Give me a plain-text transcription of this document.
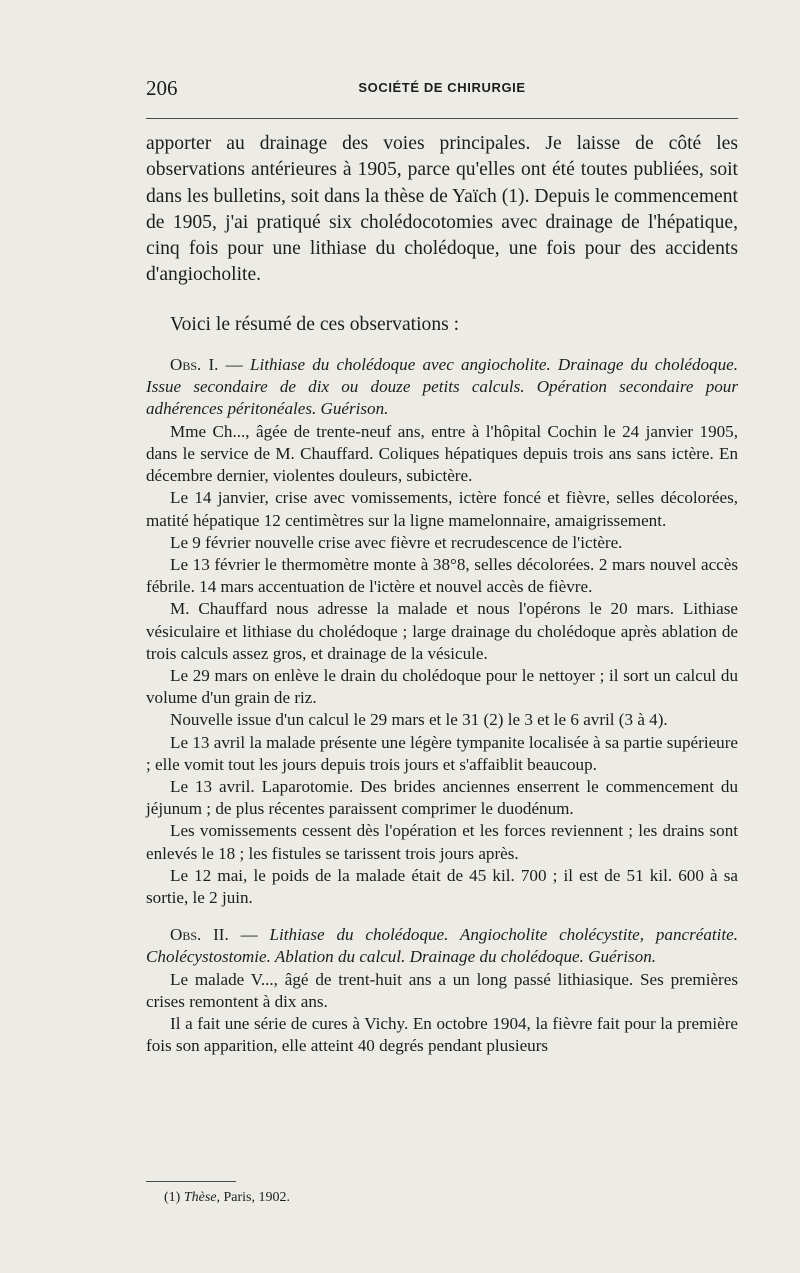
206	SOCIÉTÉ DE CHIRURGIE

apporter au drainage des voies principales. Je laisse de côté les observations antérieures à 1905, parce qu'elles ont été toutes publiées, soit dans les bulletins, soit dans la thèse de Yaïch (1). Depuis le commencement de 1905, j'ai pratiqué six cholédocotomies avec drainage de l'hépatique, cinq fois pour une lithiase du cholédoque, une fois pour des accidents d'angiocholite.

Voici le résumé de ces observations :

Obs. I. — Lithiase du cholédoque avec angiocholite. Drainage du cholédoque. Issue secondaire de dix ou douze petits calculs. Opération secondaire pour adhérences péritonéales. Guérison.

Mme Ch..., âgée de trente-neuf ans, entre à l'hôpital Cochin le 24 janvier 1905, dans le service de M. Chauffard. Coliques hépatiques depuis trois ans sans ictère. En décembre dernier, violentes douleurs, subictère.

Le 14 janvier, crise avec vomissements, ictère foncé et fièvre, selles décolorées, matité hépatique 12 centimètres sur la ligne mamelonnaire, amaigrissement.

Le 9 février nouvelle crise avec fièvre et recrudescence de l'ictère.

Le 13 février le thermomètre monte à 38°8, selles décolorées. 2 mars nouvel accès fébrile. 14 mars accentuation de l'ictère et nouvel accès de fièvre.

M. Chauffard nous adresse la malade et nous l'opérons le 20 mars. Lithiase vésiculaire et lithiase du cholédoque ; large drainage du cholédoque après ablation de trois calculs assez gros, et drainage de la vésicule.

Le 29 mars on enlève le drain du cholédoque pour le nettoyer ; il sort un calcul du volume d'un grain de riz.

Nouvelle issue d'un calcul le 29 mars et le 31 (2) le 3 et le 6 avril (3 à 4).

Le 13 avril la malade présente une légère tympanite localisée à sa partie supérieure ; elle vomit tout les jours depuis trois jours et s'affaiblit beaucoup.

Le 13 avril. Laparotomie. Des brides anciennes enserrent le commencement du jéjunum ; de plus récentes paraissent comprimer le duodénum.

Les vomissements cessent dès l'opération et les forces reviennent ; les drains sont enlevés le 18 ; les fistules se tarissent trois jours après.

Le 12 mai, le poids de la malade était de 45 kil. 700 ; il est de 51 kil. 600 à sa sortie, le 2 juin.

Obs. II. — Lithiase du cholédoque. Angiocholite cholécystite, pancréatite. Cholécystostomie. Ablation du calcul. Drainage du cholédoque. Guérison.

Le malade V..., âgé de trent-huit ans a un long passé lithiasique. Ses premières crises remontent à dix ans.

Il a fait une série de cures à Vichy. En octobre 1904, la fièvre fait pour la première fois son apparition, elle atteint 40 degrés pendant plusieurs

(1) Thèse, Paris, 1902.
